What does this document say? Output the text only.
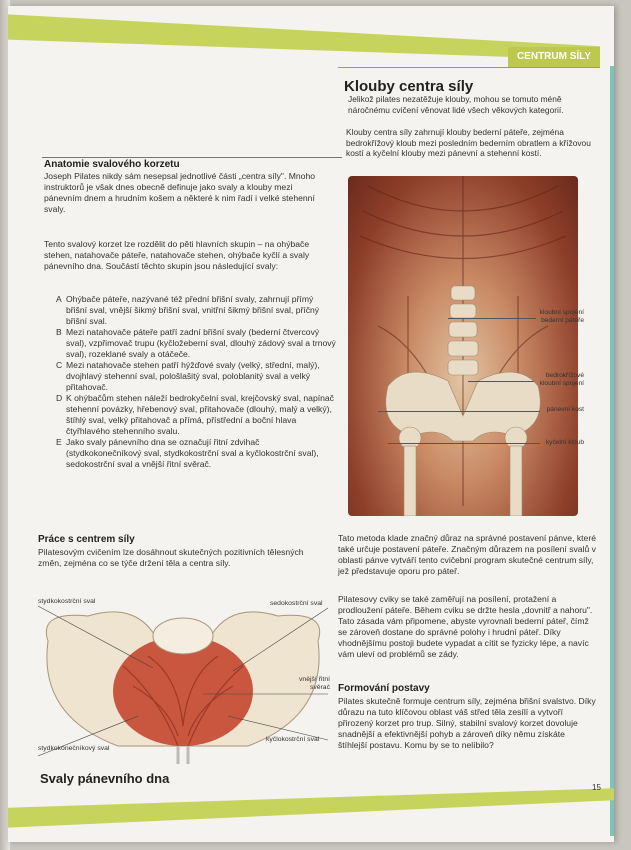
CENTRUM SÍLY
Klouby centra síly
Jelikož pilates nezatěžuje klouby, mohou se tomuto méně náročnému cvičení věnovat lidé všech věkových kategorií.
Klouby centra síly zahrnují klouby bederní páteře, zejména bedrokřížový kloub mezi posledním bederním obratlem a křížovou kostí a kyčelní klouby mezi pánevní a stehenní kostí.
Anatomie svalového korzetu
Joseph Pilates nikdy sám nesepsal jednotlivé části „centra síly". Mnoho instruktorů je však dnes obecně definuje jako svaly a klouby mezi pánevním dnem a hrudním košem a některé k nim řadí i velké stehenní svaly.
Tento svalový korzet lze rozdělit do pěti hlavních skupin – na ohýbače stehen, natahovače páteře, natahovače stehen, ohýbače kyčlí a svaly pánevního dna. Součástí těchto skupin jsou následující svaly:
A Ohýbače páteře, nazývané též přední břišní svaly, zahrnují přímý břišní sval, vnější šikmý břišní sval, vnitřní šikmý břišní sval, příčný břišní sval.
B Mezi natahovače páteře patří zadní břišní svaly (bederní čtvercový sval), vzpřimovač trupu (kyčložeberní sval, dlouhý zádový sval a trnový sval), rozeklané svaly a otáčeče.
C Mezi natahovače stehen patří hýžďové svaly (velký, střední, malý), dvojhlavý stehenní sval, pološlašitý sval, poloblanitý sval a velký přitahovač.
D K ohýbačům stehen náleží bedrokyčelní sval, krejčovský sval, napínač stehenní povázky, hřebenový sval, přitahovače (dlouhý, malý a velký), štíhlý sval, velký přitahovač a přímá, přístřední a boční hlava čtyřhlavého stehenního svalu.
E Jako svaly pánevního dna se označují řitní zdvihač (stydkokonečníkový sval, stydkokostrční sval a kyčlokostrční sval), sedokostrční sval a vnější řitní svěrač.
kloubní spojení bederní páteře
bedrokřížové kloubní spojení
pánevní kost
kyčelní kloub
Práce s centrem síly
Pilatesovým cvičením lze dosáhnout skutečných pozitivních tělesných změn, zejména co se týče držení těla a centra síly.
stydkokostrční sval	sedokostrční sval
vnější řitní svěrač
kyčlokostrční sval
stydkokonečníkový sval
Svaly pánevního dna
Tato metoda klade značný důraz na správné postavení pánve, které také určuje postavení páteře. Značným důrazem na posílení svalů v oblasti pánve vytváří tento cvičební program skutečné centrum síly, jež představuje oporu pro páteř.
Pilatesovy cviky se také zaměřují na posílení, protažení a prodloužení páteře. Během cviku se držte hesla „dovnitř a nahoru". Tato zásada vám připomene, abyste vyrovnali bederní páteř, čímž se zároveň dostane do správné polohy i hrudní páteř. Díky vhodnějšímu postoji budete vypadat a cítit se fyzicky lépe, a navíc vám uleví od problémů se zády.
Formování postavy
Pilates skutečně formuje centrum síly, zejména břišní svalstvo. Díky důrazu na tuto klíčovou oblast váš střed těla zesílí a vytvoří přirozený korzet pro trup. Silný, stabilní svalový korzet dovoluje snadnější a efektivnější pohyb a zároveň díky němu získáte štíhlejší postavu. Komu by se to nelíbilo?
15
